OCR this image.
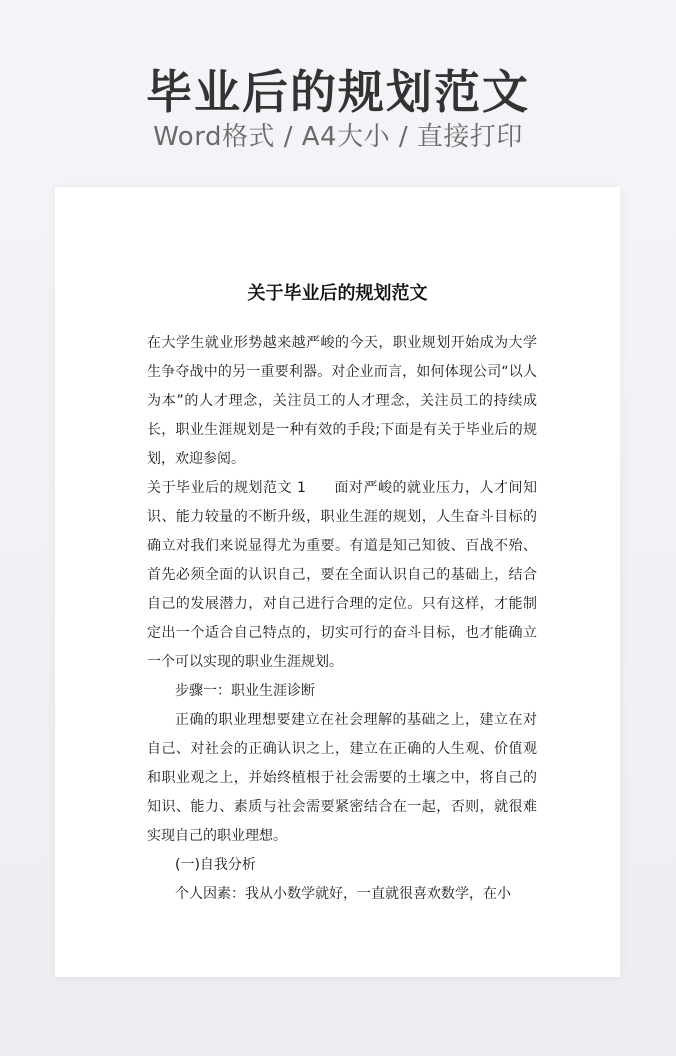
毕业后的规划范文
Word格式 / A4大小 / 直接打印
关于毕业后的规划范文

在大学生就业形势越来越严峻的今天，职业规划开始成为大学生争夺战中的另一重要利器。对企业而言，如何体现公司“以人为本”的人才理念，关注员工的人才理念，关注员工的持续成长，职业生涯规划是一种有效的手段;下面是有关于毕业后的规划，欢迎参阅。

关于毕业后的规划范文 1 面对严峻的就业压力，人才间知识、能力较量的不断升级，职业生涯的规划，人生奋斗目标的确立对我们来说显得尤为重要。有道是知己知彼、百战不殆、首先必须全面的认识自己，要在全面认识自己的基础上，结合自己的发展潜力，对自己进行合理的定位。只有这样，才能制定出一个适合自己特点的，切实可行的奋斗目标，也才能确立一个可以实现的职业生涯规划。

步骤一：职业生涯诊断

正确的职业理想要建立在社会理解的基础之上，建立在对自己、对社会的正确认识之上，建立在正确的人生观、价值观和职业观之上，并始终植根于社会需要的土壤之中，将自己的知识、能力、素质与社会需要紧密结合在一起，否则，就很难实现自己的职业理想。

(一)自我分析

个人因素：我从小数学就好，一直就很喜欢数学，在小
